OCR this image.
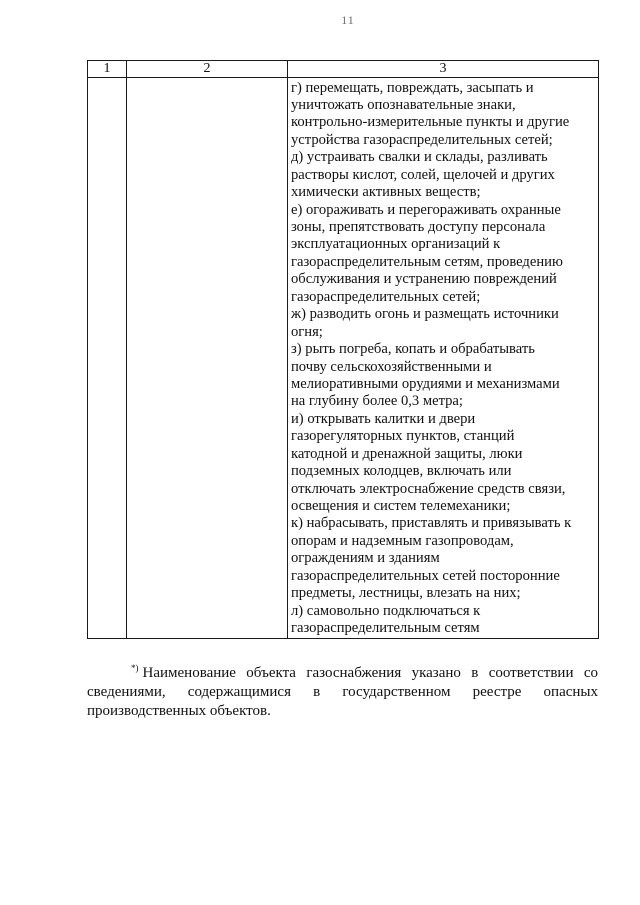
11
1	2	3
г) перемещать, повреждать, засыпать и
уничтожать опознавательные знаки,
контрольно-измерительные пункты и другие
устройства газораспределительных сетей;
д) устраивать свалки и склады, разливать
растворы кислот, солей, щелочей и других
химически активных веществ;
е) огораживать и перегораживать охранные
зоны, препятствовать доступу персонала
эксплуатационных организаций к
газораспределительным сетям, проведению
обслуживания и устранению повреждений
газораспределительных сетей;
ж) разводить огонь и размещать источники
огня;
з) рыть погреба, копать и обрабатывать
почву сельскохозяйственными и
мелиоративными орудиями и механизмами
на глубину более 0,3 метра;
и) открывать калитки и двери
газорегуляторных пунктов, станций
катодной и дренажной защиты, люки
подземных колодцев, включать или
отключать электроснабжение средств связи,
освещения и систем телемеханики;
к) набрасывать, приставлять и привязывать к
опорам и надземным газопроводам,
ограждениям и зданиям
газораспределительных сетей посторонние
предметы, лестницы, влезать на них;
л) самовольно подключаться к
газораспределительным сетям
*) Наименование объекта газоснабжения указано в соответствии со
сведениями, содержащимися в государственном реестре опасных
производственных объектов.
